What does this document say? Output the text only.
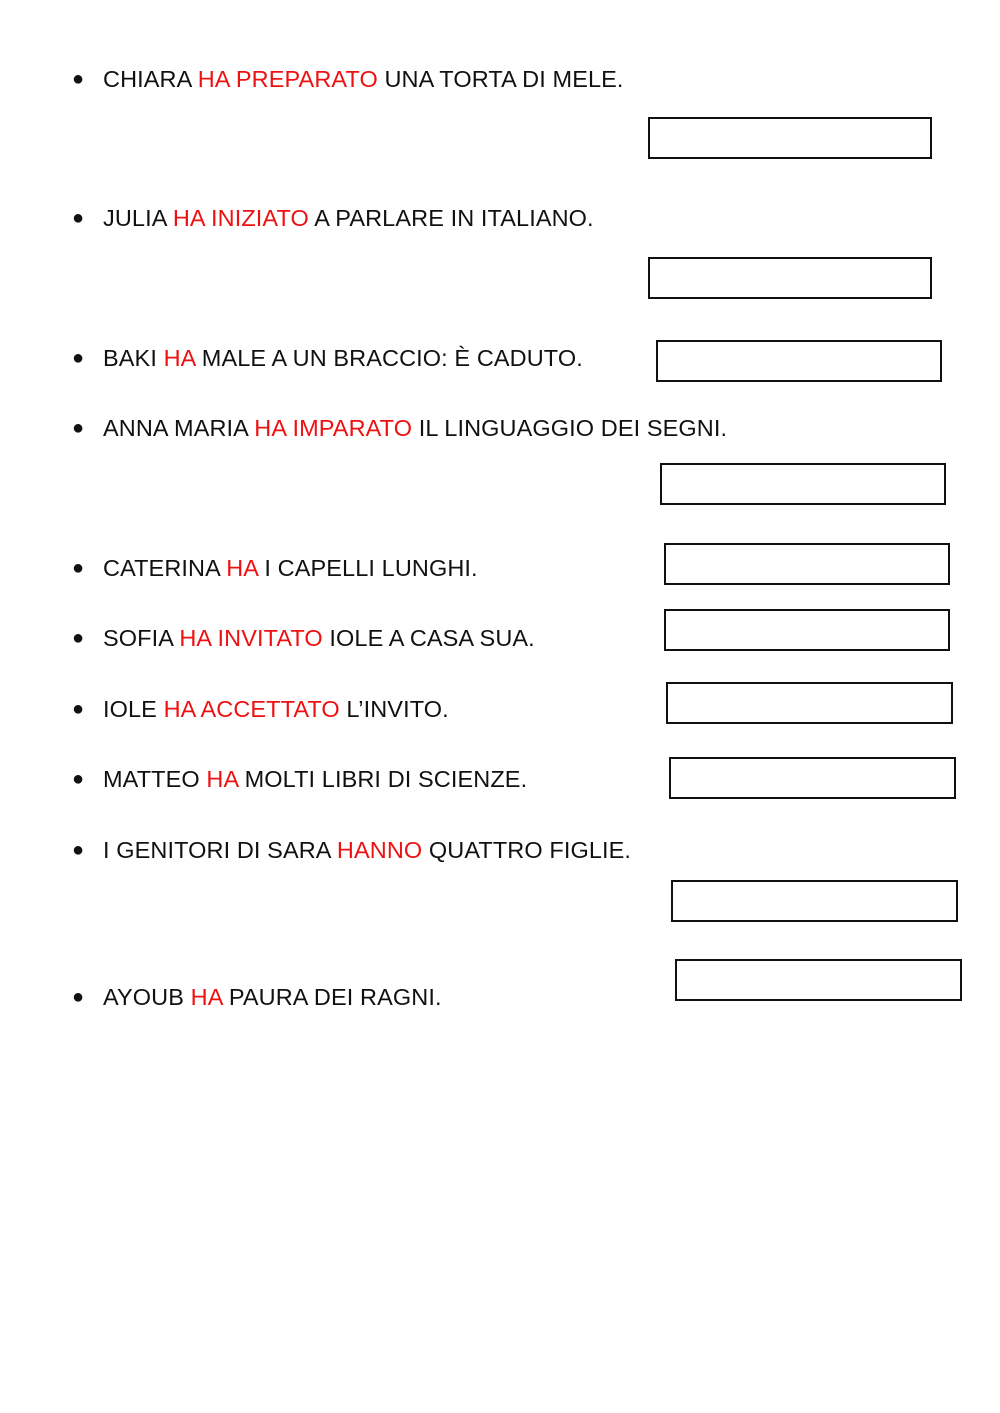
● CHIARA HA PREPARATO UNA TORTA DI MELE.
● JULIA HA INIZIATO A PARLARE IN ITALIANO.
● BAKI HA MALE A UN BRACCIO: È CADUTO.
● ANNA MARIA HA IMPARATO IL LINGUAGGIO DEI SEGNI.
● CATERINA HA I CAPELLI LUNGHI.
● SOFIA HA INVITATO IOLE A CASA SUA.
● IOLE HA ACCETTATO L’INVITO.
● MATTEO HA MOLTI LIBRI DI SCIENZE.
● I GENITORI DI SARA HANNO QUATTRO FIGLIE.
● AYOUB HA PAURA DEI RAGNI.
